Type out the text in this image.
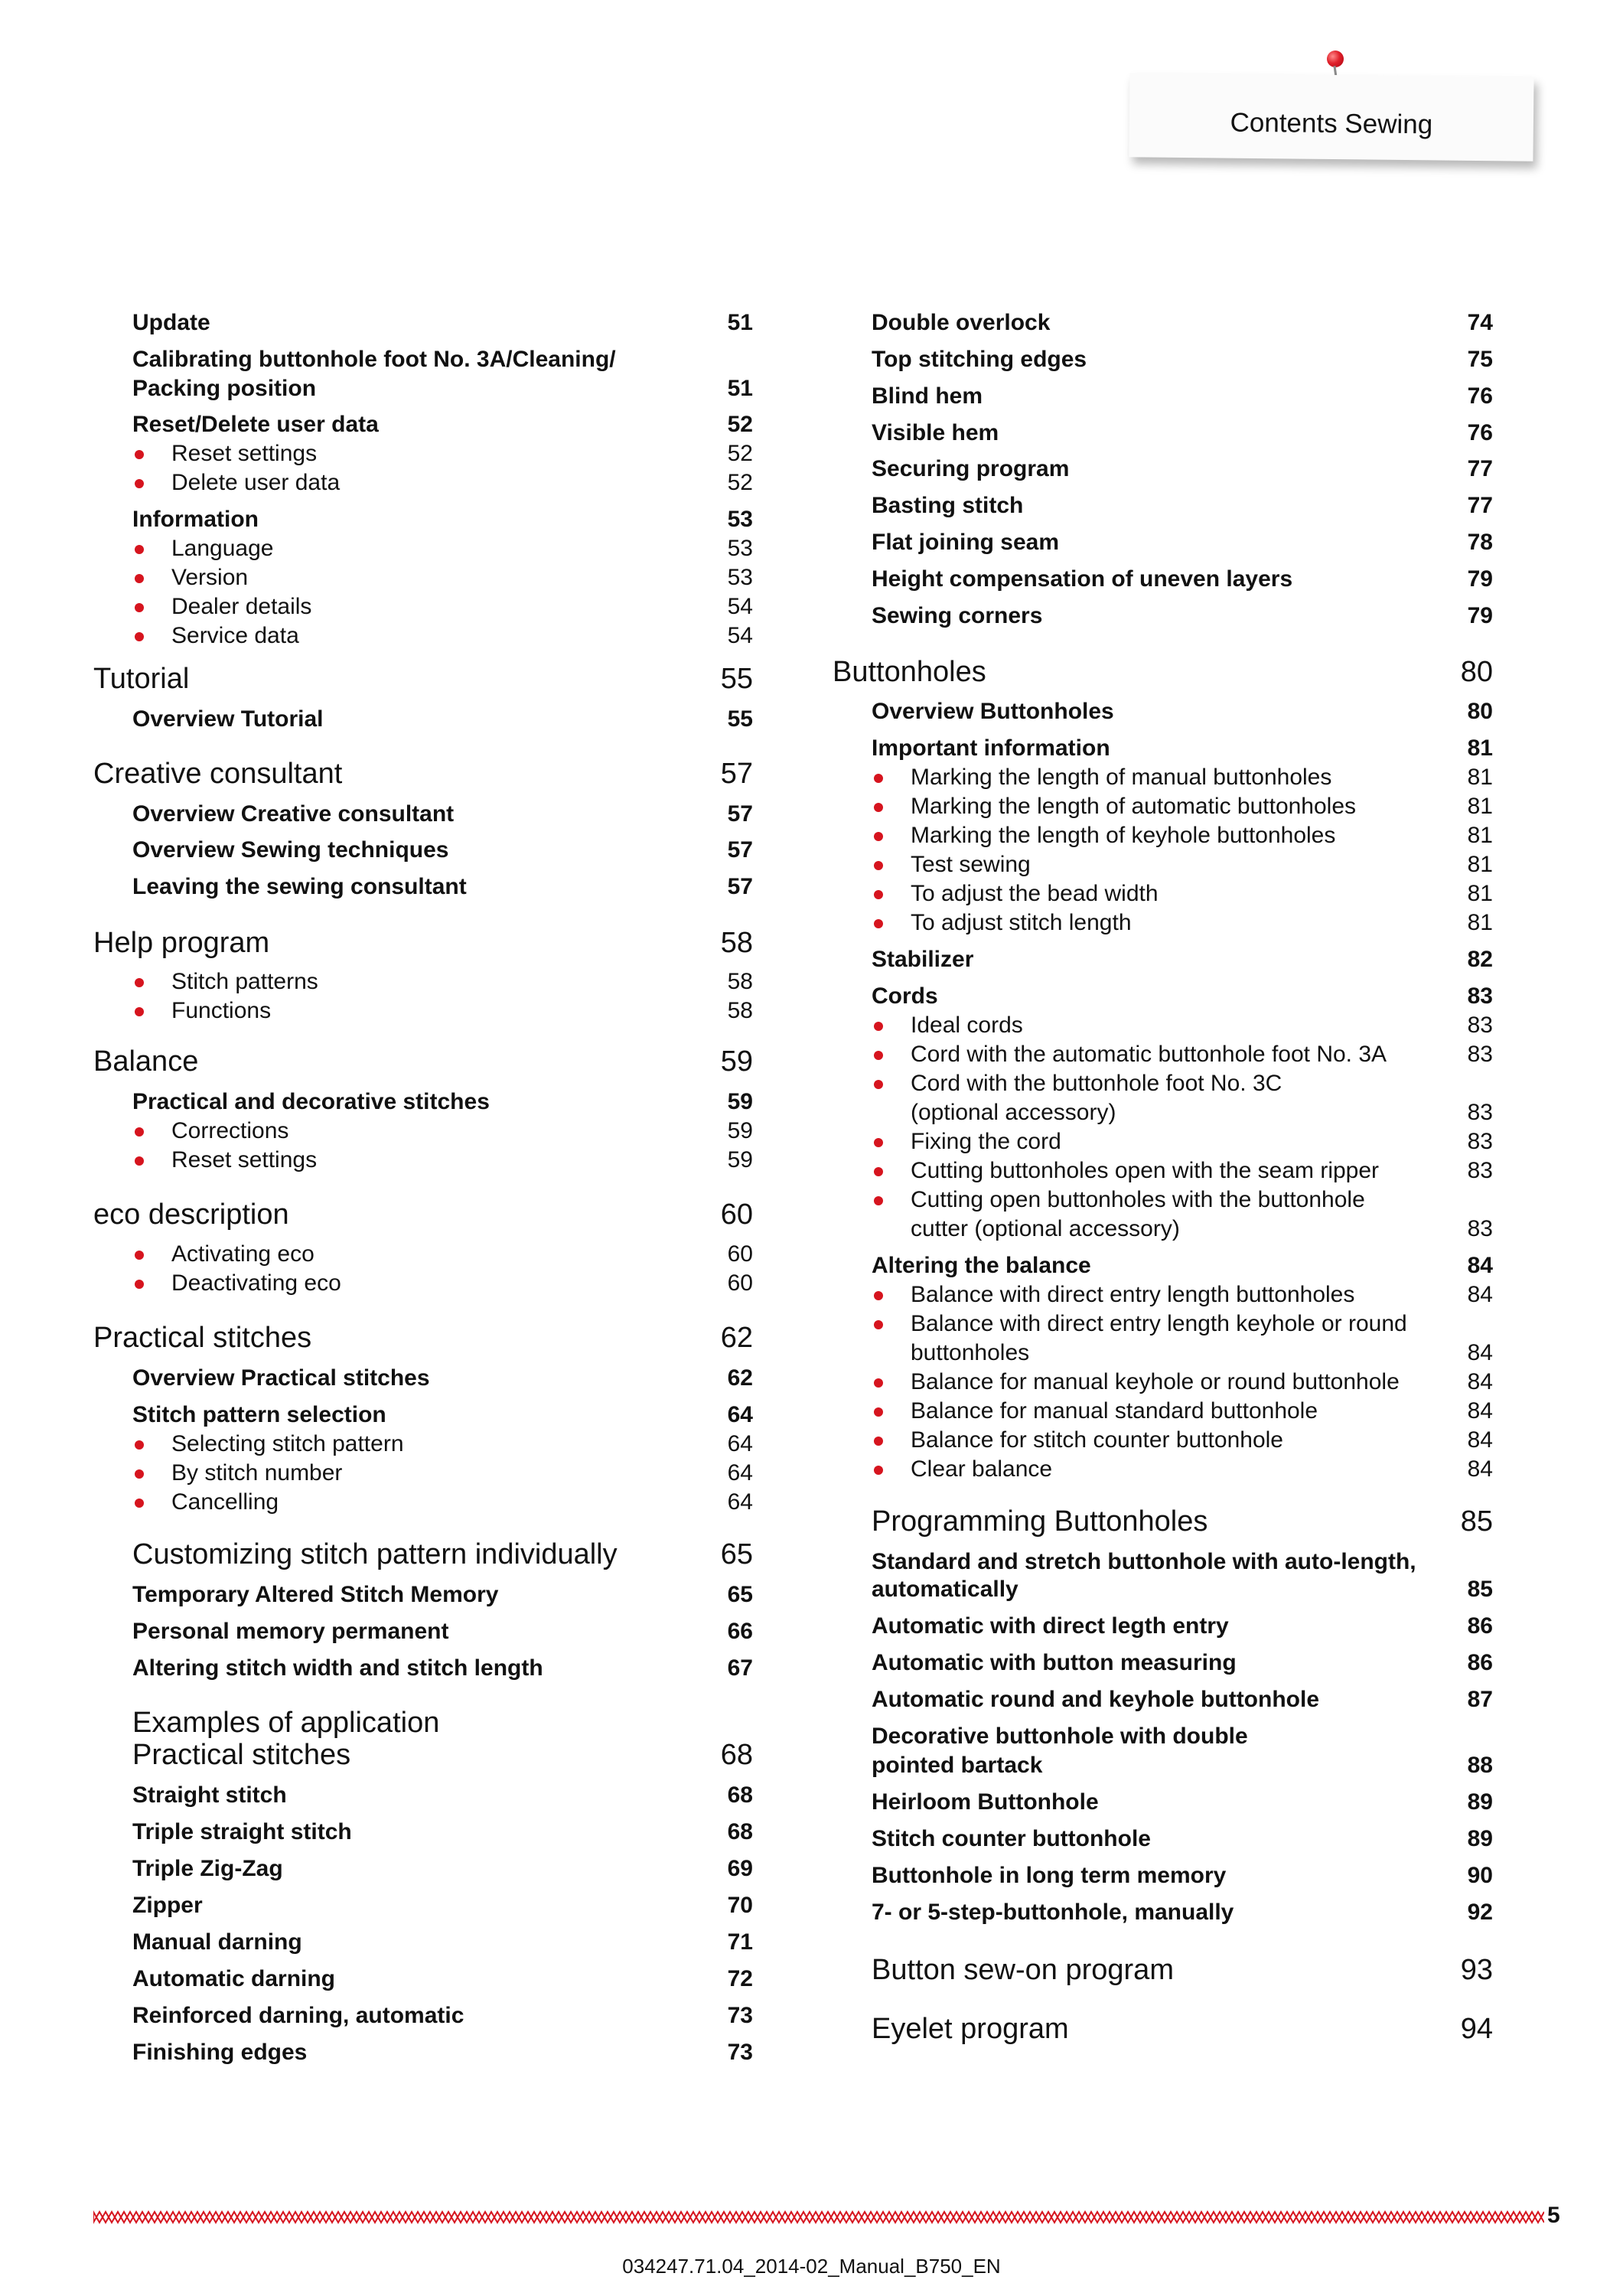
Contents Sewing
Update	51
Calibrating buttonhole foot No. 3A/Cleaning/
Packing position	51
Reset/Delete user data	52
Reset settings	52
Delete user data	52
Information	53
Language	53
Version	53
Dealer details	54
Service data	54
Tutorial	55
Overview Tutorial	55
Creative consultant	57
Overview Creative consultant	57
Overview Sewing techniques	57
Leaving the sewing consultant	57
Help program	58
Stitch patterns	58
Functions	58
Balance	59
Practical and decorative stitches	59
Corrections	59
Reset settings	59
eco description	60
Activating eco	60
Deactivating eco	60
Practical stitches	62
Overview Practical stitches	62
Stitch pattern selection	64
Selecting stitch pattern	64
By stitch number	64
Cancelling	64
Customizing stitch pattern individually	65
Temporary Altered Stitch Memory	65
Personal memory permanent	66
Altering stitch width and stitch length	67
Examples of application
Practical stitches	68
Straight stitch	68
Triple straight stitch	68
Triple Zig-Zag	69
Zipper	70
Manual darning	71
Automatic darning	72
Reinforced darning, automatic	73
Finishing edges	73
Double overlock	74
Top stitching edges	75
Blind hem	76
Visible hem	76
Securing program	77
Basting stitch	77
Flat joining seam	78
Height compensation of uneven layers	79
Sewing corners	79
Buttonholes	80
Overview Buttonholes	80
Important information	81
Marking the length of manual buttonholes	81
Marking the length of automatic buttonholes	81
Marking the length of keyhole buttonholes	81
Test sewing	81
To adjust the bead width	81
To adjust stitch length	81
Stabilizer	82
Cords	83
Ideal cords	83
Cord with the automatic buttonhole foot No. 3A	83
Cord with the buttonhole foot No. 3C
(optional accessory)	83
Fixing the cord	83
Cutting buttonholes open with the seam ripper	83
Cutting open buttonholes with the buttonhole
cutter (optional accessory)	83
Altering the balance	84
Balance with direct entry length buttonholes	84
Balance with direct entry length keyhole or round
buttonholes	84
Balance for manual keyhole or round buttonhole	84
Balance for manual standard buttonhole	84
Balance for stitch counter buttonhole	84
Clear balance	84
Programming Buttonholes	85
Standard and stretch buttonhole with auto-length,
automatically	85
Automatic with direct legth entry	86
Automatic with button measuring	86
Automatic round and keyhole buttonhole	87
Decorative buttonhole with double
pointed bartack	88
Heirloom Buttonhole	89
Stitch counter buttonhole	89
Buttonhole in long term memory	90
7- or 5-step-buttonhole, manually	92
Button sew-on program	93
Eyelet program	94
5
034247.71.04_2014-02_Manual_B750_EN
